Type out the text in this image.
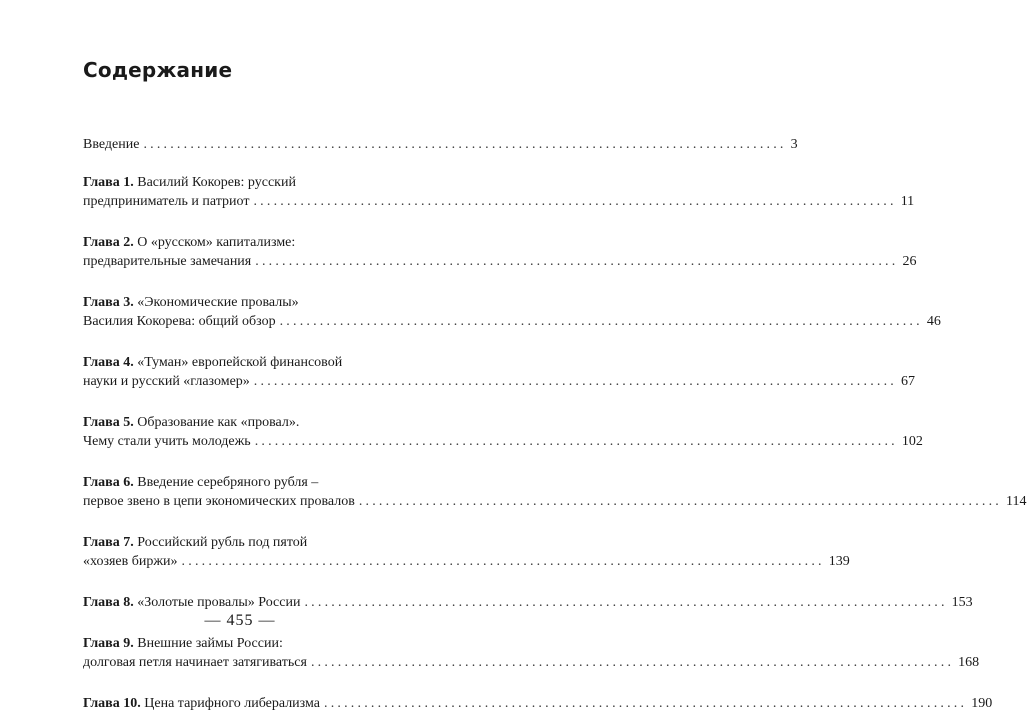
Содержание
Введение ................................................................................................ 3
Глава 1. Василий Кокорев: русский
предприниматель и патриот ................................................................................................ 11
Глава 2. О «русском» капитализме:
предварительные замечания ................................................................................................ 26
Глава 3. «Экономические провалы»
Василия Кокорева: общий обзор ................................................................................................ 46
Глава 4. «Туман» европейской финансовой
науки и русский «глазомер» ................................................................................................ 67
Глава 5. Образование как «провал».
Чему стали учить молодежь ................................................................................................ 102
Глава 6. Введение серебряного рубля –
первое звено в цепи экономических провалов ................................................................................................ 114
Глава 7. Российский рубль под пятой
«хозяев биржи» ................................................................................................ 139
Глава 8. «Золотые провалы» России ................................................................................................ 153
Глава 9. Внешние займы России:
долговая петля начинает затягиваться ................................................................................................ 168
Глава 10. Цена тарифного либерализма ................................................................................................ 190
— 455 —
